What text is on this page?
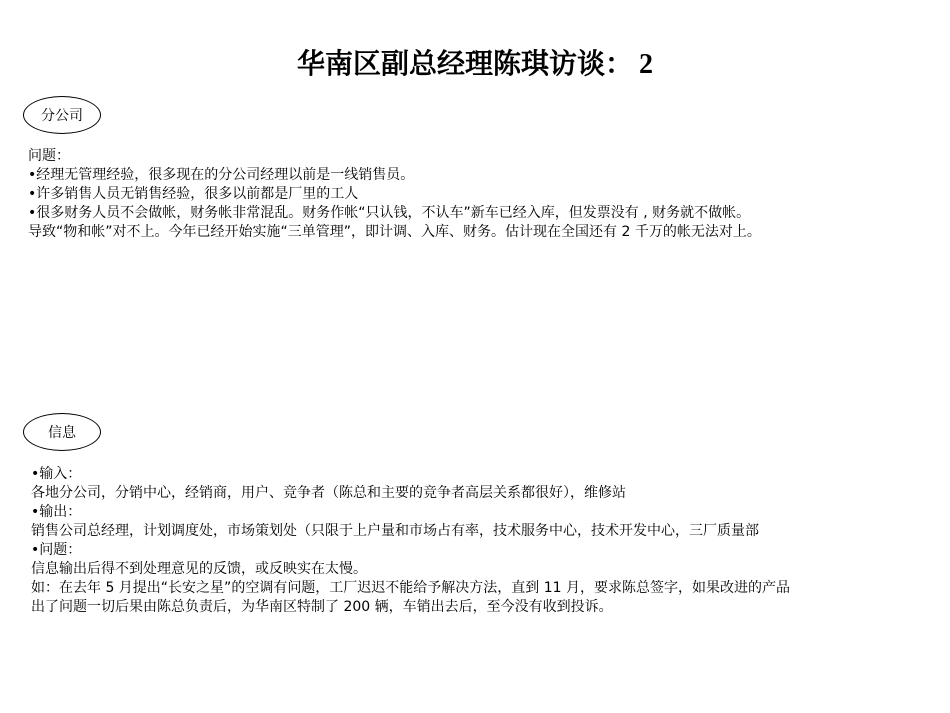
华南区副总经理陈琪访谈： 2
分公司
问题：
•经理无管理经验，很多现在的分公司经理以前是一线销售员。
•许多销售人员无销售经验，很多以前都是厂里的工人
•很多财务人员不会做帐，财务帐非常混乱。财务作帐“只认钱，不认车”新车已经入库，但发票没有 , 财务就不做帐。
导致“物和帐”对不上。今年已经开始实施“三单管理”，即计调、入库、财务。估计现在全国还有 2 千万的帐无法对上。
信息
•输入：
各地分公司，分销中心，经销商，用户、竞争者（陈总和主要的竞争者高层关系都很好），维修站
•输出：
销售公司总经理，计划调度处，市场策划处（只限于上户量和市场占有率，技术服务中心，技术开发中心，三厂质量部
•问题：
信息输出后得不到处理意见的反馈，或反映实在太慢。
如：在去年 5 月提出“长安之星”的空调有问题，工厂迟迟不能给予解决方法，直到 11 月，要求陈总签字，如果改进的产品
出了问题一切后果由陈总负责后，为华南区特制了 200 辆，车销出去后，至今没有收到投诉。
